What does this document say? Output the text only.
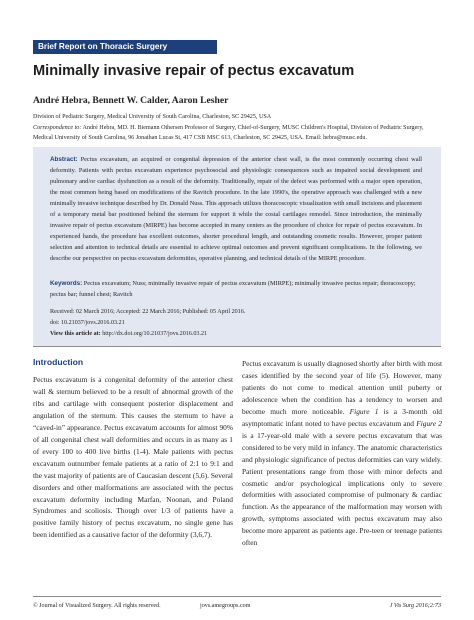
Brief Report on Thoracic Surgery
Minimally invasive repair of pectus excavatum
André Hebra, Bennett W. Calder, Aaron Lesher
Division of Pediatric Surgery, Medical University of South Carolina, Charleston, SC 29425, USA
Correspondence to: André Hebra, MD. H. Biemann Othersen Professor of Surgery, Chief-of-Surgery, MUSC Children's Hospital, Division of Pediatric Surgery, Medical University of South Carolina, 96 Jonathan Lucas St, 417 CSB MSC 613, Charleston, SC 29425, USA. Email: hebra@musc.edu.

Abstract: Pectus excavatum, an acquired or congenital depression of the anterior chest wall, is the most commonly occurring chest wall deformity. Patients with pectus excavatum experience psychosocial and physiologic consequences such as impaired social development and pulmonary and/or cardiac dysfunction as a result of the deformity. Traditionally, repair of the defect was performed with a major open operation, the most common being based on modifications of the Ravitch procedure. In the late 1990's, the operative approach was challenged with a new minimally invasive technique described by Dr. Donald Nuss. This approach utilizes thoracoscopic visualization with small incisions and placement of a temporary metal bar positioned behind the sternum for support it while the costal cartilages remodel. Since introduction, the minimally invasive repair of pectus excavatum (MIRPE) has become accepted in many centers as the procedure of choice for repair of pectus excavatum. In experienced hands, the procedure has excellent outcomes, shorter procedural length, and outstanding cosmetic results. However, proper patient selection and attention to technical details are essential to achieve optimal outcomes and prevent significant complications. In the following, we describe our perspective on pectus excavatum deformities, operative planning, and technical details of the MIRPE procedure.

Keywords: Pectus excavatum; Nuss; minimally invasive repair of pectus excavatum (MIRPE); minimally invasive pectus repair; thoracoscopy; pectus bar; funnel chest; Ravitch

Received: 02 March 2016; Accepted: 22 March 2016; Published: 05 April 2016.
doi: 10.21037/jovs.2016.03.21
View this article at: http://dx.doi.org/10.21037/jovs.2016.03.21
Introduction

Pectus excavatum is a congenital deformity of the anterior chest wall & sternum believed to be a result of abnormal growth of the ribs and cartilage with consequent posterior displacement and angulation of the sternum. This causes the sternum to have a “caved-in” appearance. Pectus excavatum accounts for almost 90% of all congenital chest wall deformities and occurs in as many as 1 of every 100 to 400 live births (1-4). Male patients with pectus excavatum outnumber female patients at a ratio of 2:1 to 9:1 and the vast majority of patients are of Caucasian descent (5,6). Several disorders and other malformations are associated with the pectus excavatum deformity including Marfan, Noonan, and Poland Syndromes and scoliosis. Though over 1/3 of patients have a positive family history of pectus excavatum, no single gene has been identified as a causative factor of the deformity (3,6,7).

Pectus excavatum is usually diagnosed shortly after birth with most cases identified by the second year of life (5). However, many patients do not come to medical attention until puberty or adolescence when the condition has a tendency to worsen and become much more noticeable. Figure 1 is a 3-month old asymptomatic infant noted to have pectus excavatum and Figure 2 is a 17-year-old male with a severe pectus excavatum that was considered to be very mild in infancy. The anatomic characteristics and physiologic significance of pectus deformities can vary widely. Patient presentations range from those with minor defects and cosmetic and/or psychological implications only to severe deformities with associated compromise of pulmonary & cardiac function. As the appearance of the malformation may worsen with growth, symptoms associated with pectus excavatum may also become more apparent as patients age. Pre-teen or teenage patients often

© Journal of Visualized Surgery. All rights reserved.	jovs.amegroups.com	J Vis Surg 2016;2:73
